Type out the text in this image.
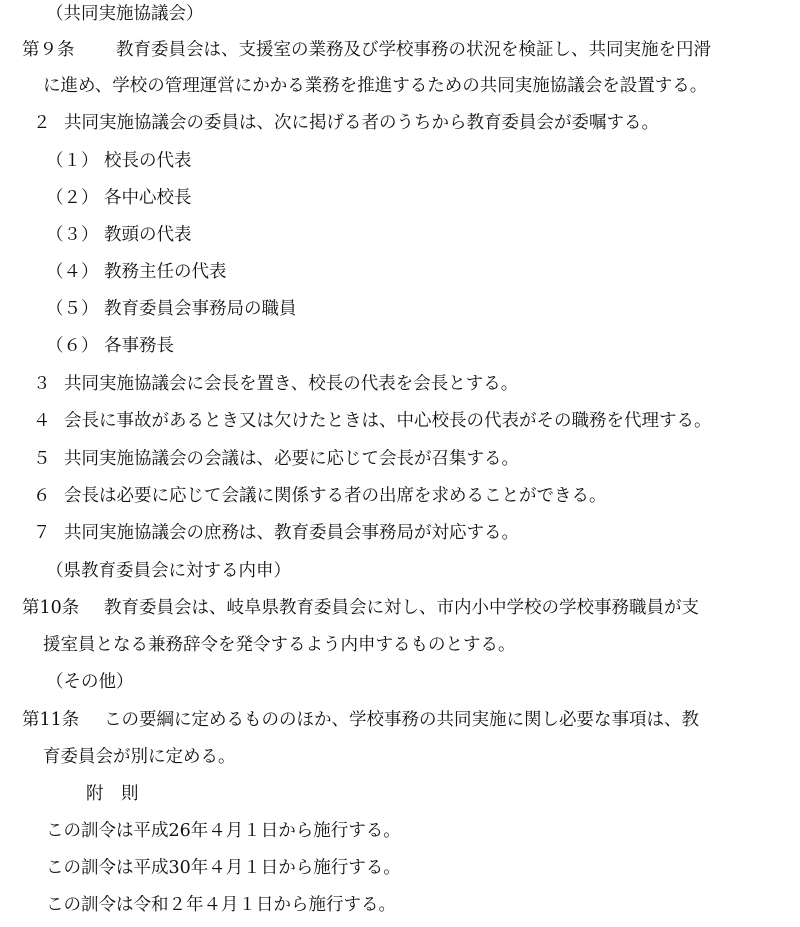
（共同実施協議会）
第９条 教育委員会は、支援室の業務及び学校事務の状況を検証し、共同実施を円滑
に進め、学校の管理運営にかかる業務を推進するための共同実施協議会を設置する。
２ 共同実施協議会の委員は、次に掲げる者のうちから教育委員会が委嘱する。
（１） 校長の代表
（２） 各中心校長
（３） 教頭の代表
（４） 教務主任の代表
（５） 教育委員会事務局の職員
（６） 各事務長
３ 共同実施協議会に会長を置き、校長の代表を会長とする。
４ 会長に事故があるとき又は欠けたときは、中心校長の代表がその職務を代理する。
５ 共同実施協議会の会議は、必要に応じて会長が召集する。
６ 会長は必要に応じて会議に関係する者の出席を求めることができる。
７ 共同実施協議会の庶務は、教育委員会事務局が対応する。
（県教育委員会に対する内申）
第10条 教育委員会は、岐阜県教育委員会に対し、市内小中学校の学校事務職員が支
援室員となる兼務辞令を発令するよう内申するものとする。
（その他）
第11条 この要綱に定めるもののほか、学校事務の共同実施に関し必要な事項は、教
育委員会が別に定める。
附　則
この訓令は平成26年４月１日から施行する。
この訓令は平成30年４月１日から施行する。
この訓令は令和２年４月１日から施行する。
